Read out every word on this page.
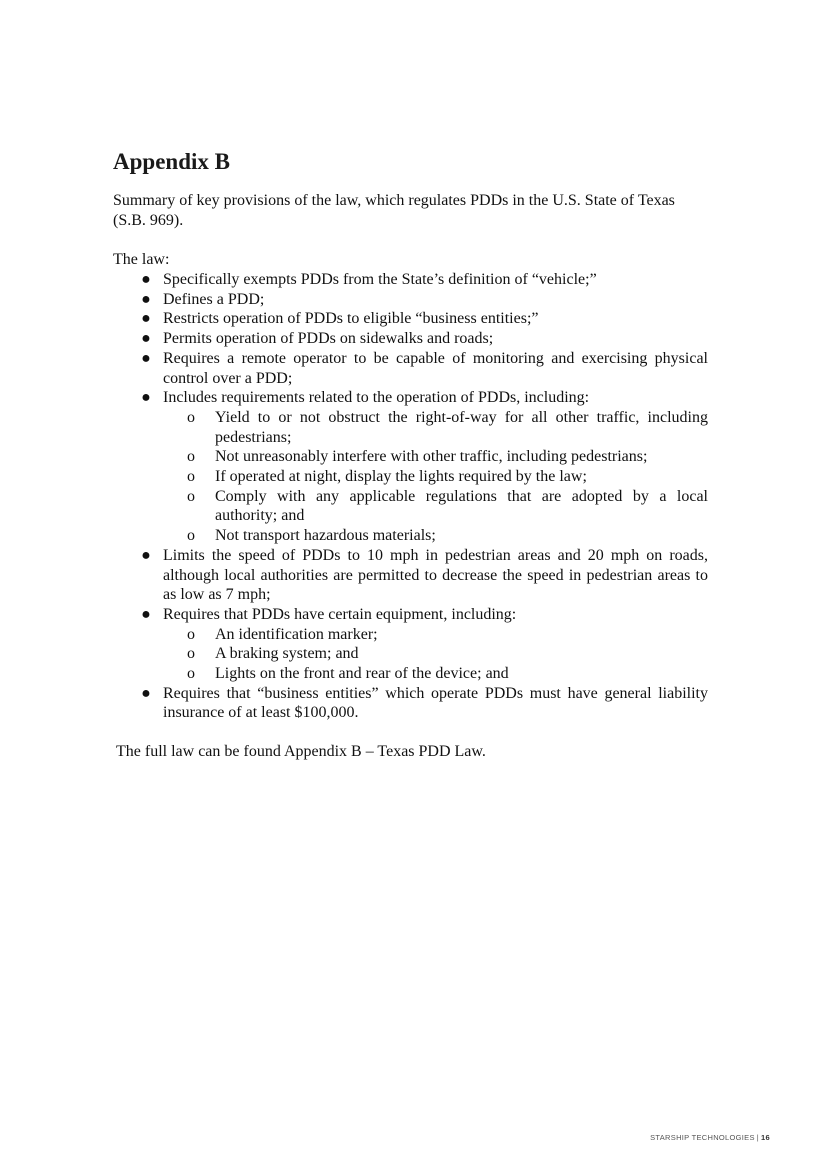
Appendix B

Summary of key provisions of the law, which regulates PDDs in the U.S. State of Texas (S.B. 969).

The law:

● Specifically exempts PDDs from the State’s definition of “vehicle;”
● Defines a PDD;
● Restricts operation of PDDs to eligible “business entities;”
● Permits operation of PDDs on sidewalks and roads;
● Requires a remote operator to be capable of monitoring and exercising physical control over a PDD;
● Includes requirements related to the operation of PDDs, including:
o Yield to or not obstruct the right-of-way for all other traffic, including pedestrians;
o Not unreasonably interfere with other traffic, including pedestrians;
o If operated at night, display the lights required by the law;
o Comply with any applicable regulations that are adopted by a local authority; and
o Not transport hazardous materials;
● Limits the speed of PDDs to 10 mph in pedestrian areas and 20 mph on roads, although local authorities are permitted to decrease the speed in pedestrian areas to as low as 7 mph;
● Requires that PDDs have certain equipment, including:
o An identification marker;
o A braking system; and
o Lights on the front and rear of the device; and
● Requires that “business entities” which operate PDDs must have general liability insurance of at least $100,000.

The full law can be found Appendix B – Texas PDD Law.

STARSHIP TECHNOLOGIES | 16
